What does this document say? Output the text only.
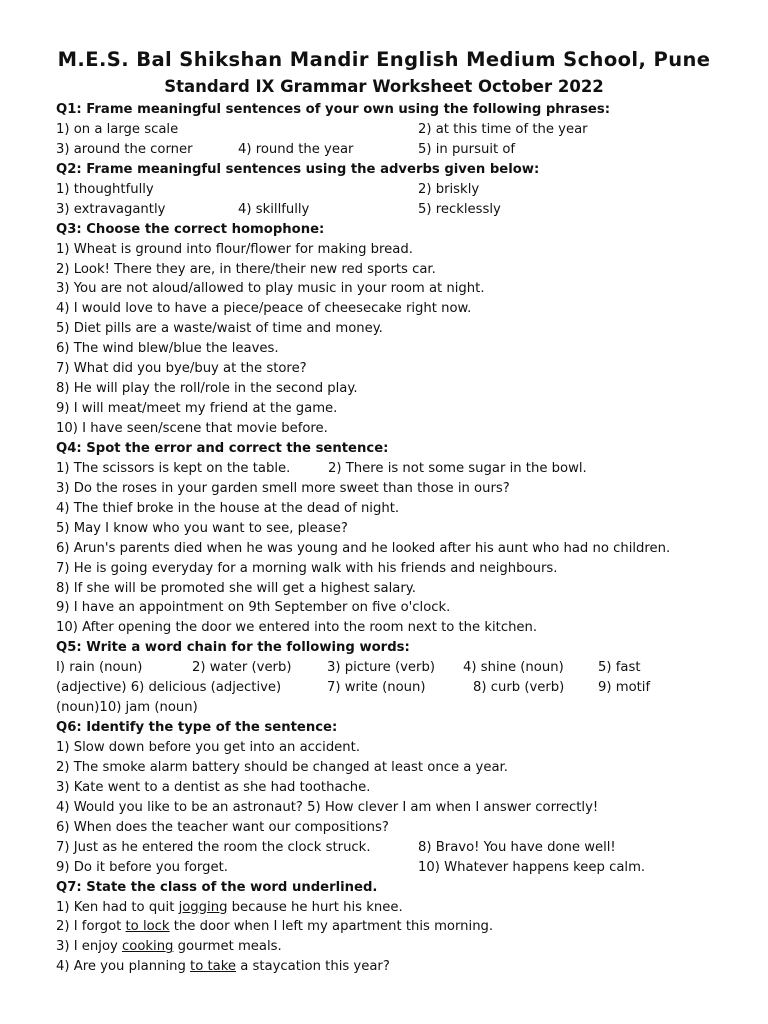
M.E.S. Bal Shikshan Mandir English Medium School, Pune
Standard IX Grammar Worksheet October 2022
Q1: Frame meaningful sentences of your own using the following phrases:
1) on a large scale	2) at this time of the year
3) around the corner	4) round the year	5) in pursuit of
Q2: Frame meaningful sentences using the adverbs given below:
1) thoughtfully	2) briskly
3) extravagantly	4) skillfully	5) recklessly
Q3: Choose the correct homophone:
1) Wheat is ground into flour/flower for making bread.
2) Look! There they are, in there/their new red sports car.
3) You are not aloud/allowed to play music in your room at night.
4) I would love to have a piece/peace of cheesecake right now.
5) Diet pills are a waste/waist of time and money.
6) The wind blew/blue the leaves.
7) What did you bye/buy at the store?
8) He will play the roll/role in the second play.
9) I will meat/meet my friend at the game.
10) I have seen/scene that movie before.
Q4: Spot the error and correct the sentence:
1) The scissors is kept on the table.	2) There is not some sugar in the bowl.
3) Do the roses in your garden smell more sweet than those in ours?
4) The thief broke in the house at the dead of night.
5) May I know who you want to see, please?
6) Arun's parents died when he was young and he looked after his aunt who had no children.
7) He is going everyday for a morning walk with his friends and neighbours.
8) If she will be promoted she will get a highest salary.
9) I have an appointment on 9th September on five o'clock.
10) After opening the door we entered into the room next to the kitchen.
Q5: Write a word chain for the following words:
I) rain (noun)	2) water (verb)	3) picture (verb) 4) shine (noun)	5) fast
(adjective) 6) delicious (adjective)	7) write (noun)	8) curb (verb)	9) motif
(noun)10) jam (noun)
Q6: Identify the type of the sentence:
1) Slow down before you get into an accident.
2) The smoke alarm battery should be changed at least once a year.
3) Kate went to a dentist as she had toothache.
4) Would you like to be an astronaut? 5) How clever I am when I answer correctly!
6) When does the teacher want our compositions?
7) Just as he entered the room the clock struck.	8) Bravo! You have done well!
9) Do it before you forget.	10) Whatever happens keep calm.
Q7: State the class of the word underlined.
1) Ken had to quit jogging because he hurt his knee.
2) I forgot to lock the door when I left my apartment this morning.
3) I enjoy cooking gourmet meals.
4) Are you planning to take a staycation this year?
